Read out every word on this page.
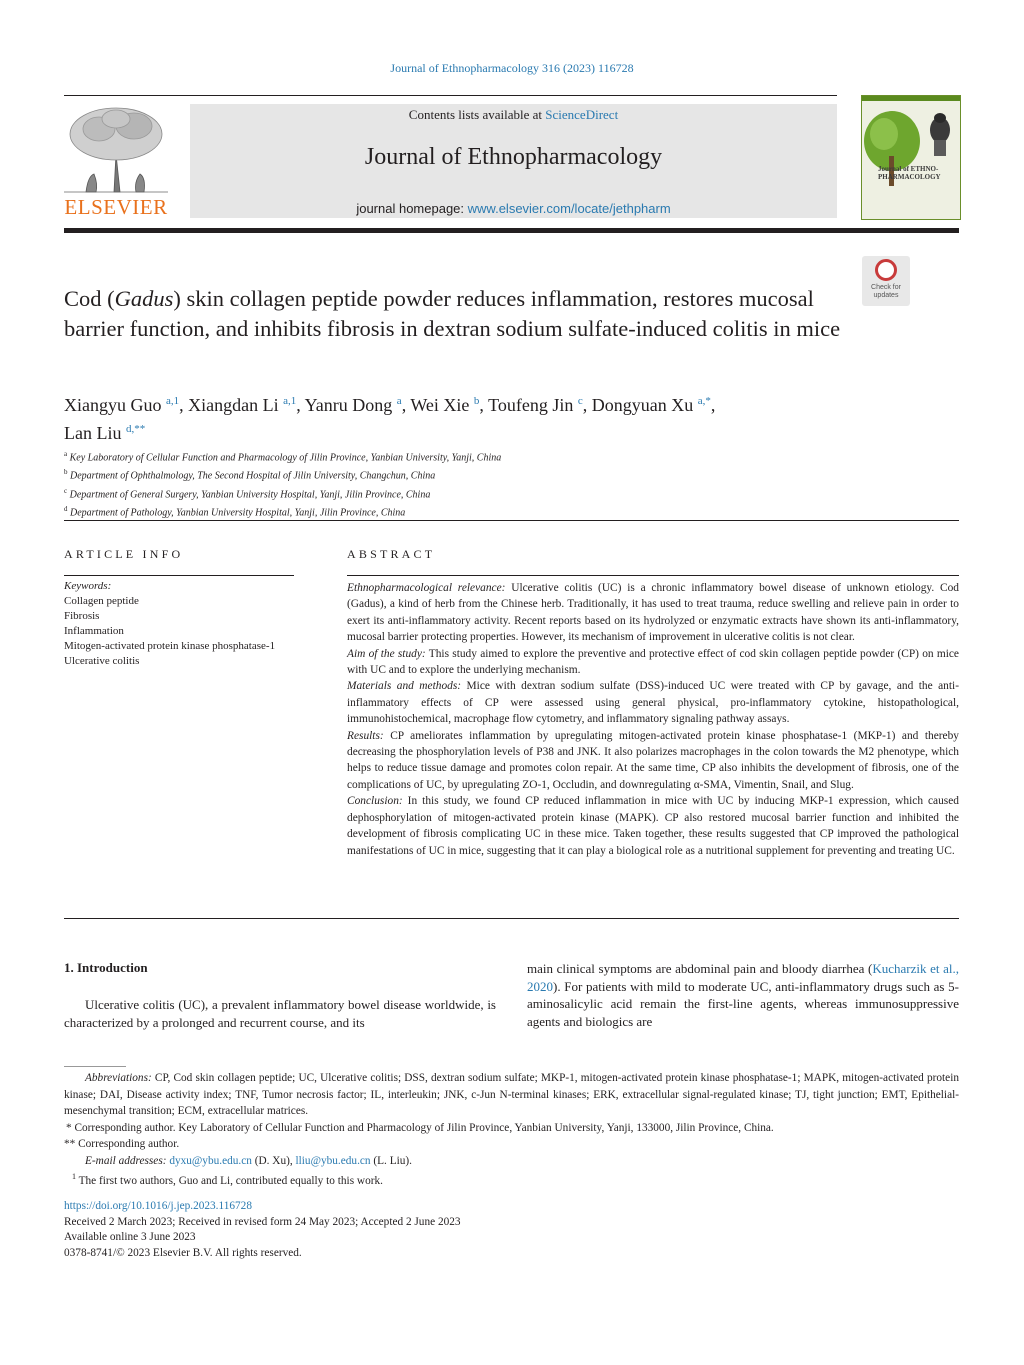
Journal of Ethnopharmacology 316 (2023) 116728
ELSEVIER
Contents lists available at ScienceDirect
Journal of Ethnopharmacology
journal homepage: www.elsevier.com/locate/jethpharm
Journal of ETHNO-PHARMACOLOGY
Check for updates
Cod (Gadus) skin collagen peptide powder reduces inflammation, restores mucosal barrier function, and inhibits fibrosis in dextran sodium sulfate-induced colitis in mice
Xiangyu Guo $^{a,1}$, Xiangdan Li $^{a,1}$, Yanru Dong $^a$, Wei Xie $^b$, Toufeng Jin $^c$, Dongyuan Xu $^{a,*}$,
Lan Liu $^{d,**}$
$^a$ Key Laboratory of Cellular Function and Pharmacology of Jilin Province, Yanbian University, Yanji, China
$^b$ Department of Ophthalmology, The Second Hospital of Jilin University, Changchun, China
$^c$ Department of General Surgery, Yanbian University Hospital, Yanji, Jilin Province, China
$^d$ Department of Pathology, Yanbian University Hospital, Yanji, Jilin Province, China
ARTICLE INFO
Keywords:
Collagen peptide
Fibrosis
Inflammation
Mitogen-activated protein kinase phosphatase-1
Ulcerative colitis
ABSTRACT

Ethnopharmacological relevance: Ulcerative colitis (UC) is a chronic inflammatory bowel disease of unknown etiology. Cod (Gadus), a kind of herb from the Chinese herb. Traditionally, it has used to treat trauma, reduce swelling and relieve pain in order to exert its anti-inflammatory activity. Recent reports based on its hydrolyzed or enzymatic extracts have shown its anti-inflammatory, mucosal barrier protecting properties. However, its mechanism of improvement in ulcerative colitis is not clear.

Aim of the study: This study aimed to explore the preventive and protective effect of cod skin collagen peptide powder (CP) on mice with UC and to explore the underlying mechanism.

Materials and methods: Mice with dextran sodium sulfate (DSS)-induced UC were treated with CP by gavage, and the anti-inflammatory effects of CP were assessed using general physical, pro-inflammatory cytokine, histopathological, immunohistochemical, macrophage flow cytometry, and inflammatory signaling pathway assays.

Results: CP ameliorates inflammation by upregulating mitogen-activated protein kinase phosphatase-1 (MKP-1) and thereby decreasing the phosphorylation levels of P38 and JNK. It also polarizes macrophages in the colon towards the M2 phenotype, which helps to reduce tissue damage and promotes colon repair. At the same time, CP also inhibits the development of fibrosis, one of the complications of UC, by upregulating ZO-1, Occludin, and downregulating α-SMA, Vimentin, Snail, and Slug.

Conclusion: In this study, we found CP reduced inflammation in mice with UC by inducing MKP-1 expression, which caused dephosphorylation of mitogen-activated protein kinase (MAPK). CP also restored mucosal barrier function and inhibited the development of fibrosis complicating UC in these mice. Taken together, these results suggested that CP improved the pathological manifestations of UC in mice, suggesting that it can play a biological role as a nutritional supplement for preventing and treating UC.

1. Introduction

Ulcerative colitis (UC), a prevalent inflammatory bowel disease worldwide, is characterized by a prolonged and recurrent course, and its

main clinical symptoms are abdominal pain and bloody diarrhea (Kucharzik et al., 2020). For patients with mild to moderate UC, anti-inflammatory drugs such as 5-aminosalicylic acid remain the first-line agents, whereas immunosuppressive agents and biologics are

Abbreviations: CP, Cod skin collagen peptide; UC, Ulcerative colitis; DSS, dextran sodium sulfate; MKP-1, mitogen-activated protein kinase phosphatase-1; MAPK, mitogen-activated protein kinase; DAI, Disease activity index; TNF, Tumor necrosis factor; IL, interleukin; JNK, c-Jun N-terminal kinases; ERK, extracellular signal-regulated kinase; TJ, tight junction; EMT, Epithelial-mesenchymal transition; ECM, extracellular matrices.

* Corresponding author. Key Laboratory of Cellular Function and Pharmacology of Jilin Province, Yanbian University, Yanji, 133000, Jilin Province, China.

** Corresponding author.

E-mail addresses: dyxu@ybu.edu.cn (D. Xu), lliu@ybu.edu.cn (L. Liu).

$^1$ The first two authors, Guo and Li, contributed equally to this work.

https://doi.org/10.1016/j.jep.2023.116728

Received 2 March 2023; Received in revised form 24 May 2023; Accepted 2 June 2023

Available online 3 June 2023

0378-8741/© 2023 Elsevier B.V. All rights reserved.
